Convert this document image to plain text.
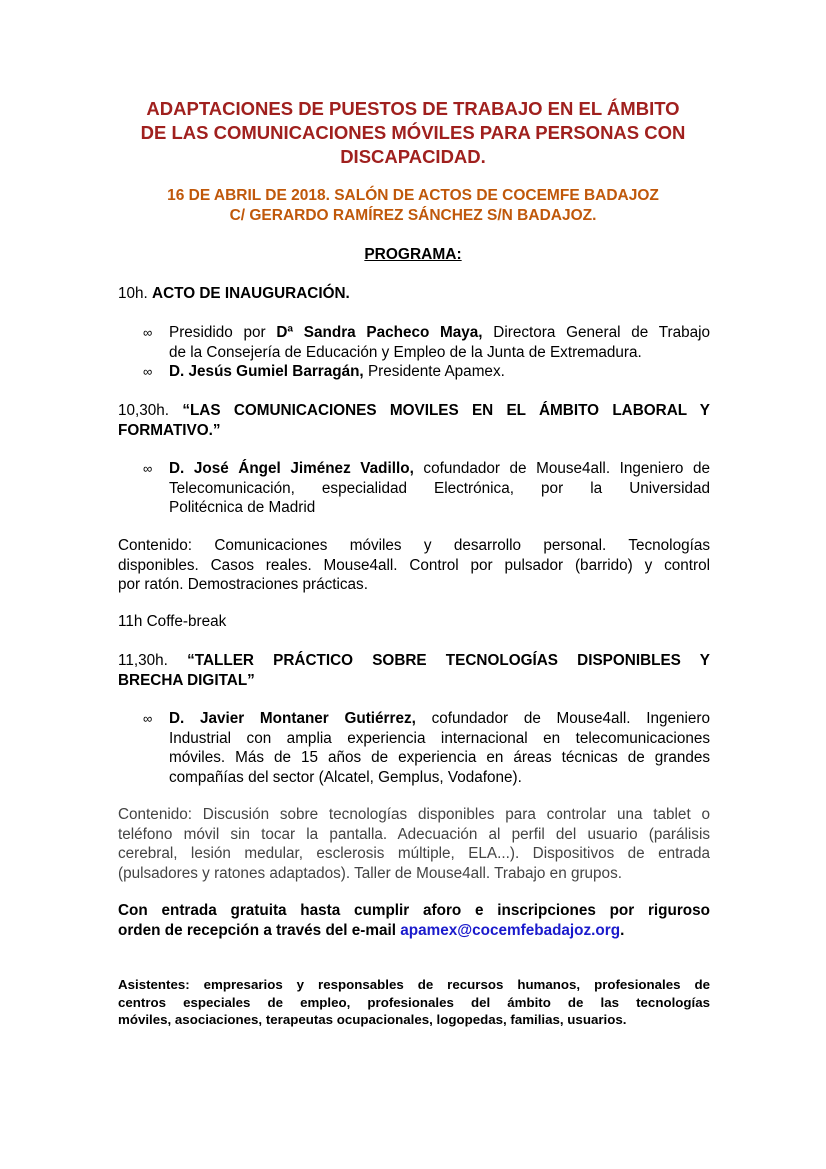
ADAPTACIONES DE PUESTOS DE TRABAJO EN EL ÁMBITO
DE LAS COMUNICACIONES MÓVILES PARA PERSONAS CON
DISCAPACIDAD.
16 DE ABRIL DE 2018. SALÓN DE ACTOS DE COCEMFE BADAJOZ
C/ GERARDO RAMÍREZ SÁNCHEZ S/N BADAJOZ.
PROGRAMA:
10h. ACTO DE INAUGURACIÓN.
∞ Presidido por Dª Sandra Pacheco Maya, Directora General de Trabajo
de la Consejería de Educación y Empleo de la Junta de Extremadura.
∞ D. Jesús Gumiel Barragán, Presidente Apamex.
10,30h. “LAS COMUNICACIONES MOVILES EN EL ÁMBITO LABORAL Y
FORMATIVO.”
∞ D. José Ángel Jiménez Vadillo, cofundador de Mouse4all. Ingeniero de
Telecomunicación, especialidad Electrónica, por la Universidad
Politécnica de Madrid
Contenido: Comunicaciones móviles y desarrollo personal. Tecnologías
disponibles. Casos reales. Mouse4all. Control por pulsador (barrido) y control
por ratón. Demostraciones prácticas.
11h Coffe-break
11,30h. “TALLER PRÁCTICO SOBRE TECNOLOGÍAS DISPONIBLES Y
BRECHA DIGITAL”
∞ D. Javier Montaner Gutiérrez, cofundador de Mouse4all. Ingeniero
Industrial con amplia experiencia internacional en telecomunicaciones
móviles. Más de 15 años de experiencia en áreas técnicas de grandes
compañías del sector (Alcatel, Gemplus, Vodafone).
Contenido: Discusión sobre tecnologías disponibles para controlar una tablet o
teléfono móvil sin tocar la pantalla. Adecuación al perfil del usuario (parálisis
cerebral, lesión medular, esclerosis múltiple, ELA...). Dispositivos de entrada
(pulsadores y ratones adaptados). Taller de Mouse4all. Trabajo en grupos.
Con entrada gratuita hasta cumplir aforo e inscripciones por riguroso
orden de recepción a través del e-mail apamex@cocemfebadajoz.org.
Asistentes: empresarios y responsables de recursos humanos, profesionales de
centros especiales de empleo, profesionales del ámbito de las tecnologías
móviles, asociaciones, terapeutas ocupacionales, logopedas, familias, usuarios.
